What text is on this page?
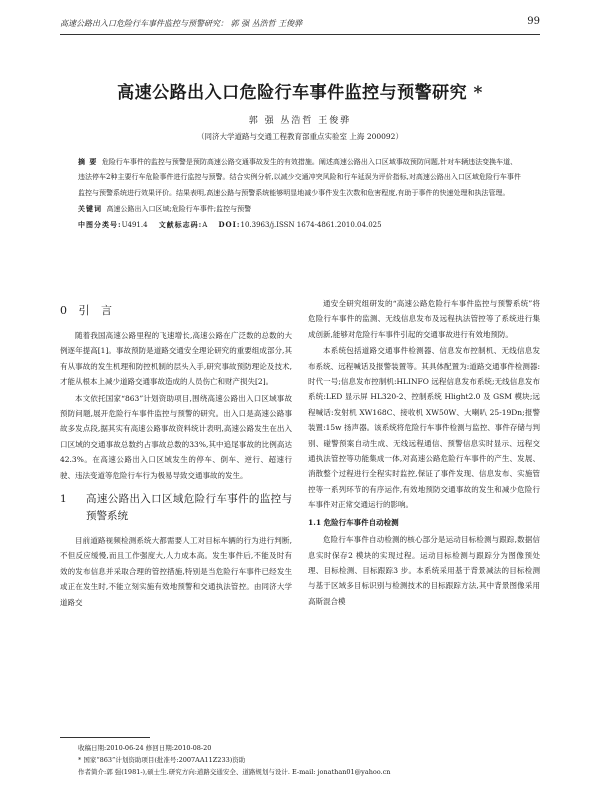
高速公路出入口危险行车事件监控与预警研究： 郭 强 丛浩哲 王俊骅	99
高速公路出入口危险行车事件监控与预警研究 *
郭 强 丛浩哲 王俊骅
（同济大学道路与交通工程教育部重点实验室 上海 200092）

摘 要 危险行车事件的监控与预警是预防高速公路交通事故发生的有效措施。阐述高速公路出入口区域事故预防问题,针对车辆违法变换车道、违法停车2种主要行车危险事件进行监控与预警。结合实例分析,以减少交通冲突风险和行车延误为评价指标,对高速公路出入口区域危险行车事件监控与预警系统进行效果评价。结果表明,高速公路与预警系统能够明显地减少事件发生次数和危害程度,有助于事件的快速处理和执法管理。

关键词 高速公路出入口区域;危险行车事件;监控与预警

中图分类号:U491.4 文献标志码:A DOI:10.3963/j.ISSN 1674-4861.2010.04.025

0 引 言

随着我国高速公路里程的飞速增长,高速公路在广泛数的总数的大例逐年提高[1]。事故预防是道路交通安全理论研究的重要组成部分,其有从事故的发生机理和防控机制的层头入手,研究事故预防理论及技术,才能从根本上减少道路交通事故造成的人员伤亡和财产损失[2]。

本文依托国家“863”计划资助项目,围绕高速公路出入口区域事故预防问题,展开危险行车事件监控与预警的研究。出入口是高速公路事故多发点段,据其实有高速公路事故资料统计表明,高速公路发生在出入口区域的交通事故总数约占事故总数的33%,其中追尾事故的比例高达42.3%。在高速公路出入口区域发生的停车、倒车、逆行、超速行驶、违法变道等危险行车行为极易导致交通事故的发生。

1	高速公路出入口区域危险行车事件的监控与预警系统

目前道路视频检测系统大都需要人工对目标车辆的行为进行判断,不但反应缓慢,而且工作强度大,人力成本高。发生事件后,不能及时有效的发布信息并采取合理的管控措施,特别是当危险行车事件已经发生或正在发生时,不能立刻实施有效地预警和交通执法管控。由同济大学道路交

通安全研究组研发的“高速公路危险行车事件监控与预警系统”将危险行车事件的监测、无线信息发布及远程执法管控等了系统进行集成创新,能够对危险行车事件引起的交通事故进行有效地预防。

本系统包括道路交通事件检测器、信息发布控制机、无线信息发布系统、远程喊话及报警装置等。其具体配置为:道路交通事件检测器:时代一号;信息发布控制机:HLINFO 远程信息发布系统;无线信息发布系统:LED 显示屏 HL320-2、控制系统 Hlight2.0 及 GSM 模块;远程喊话:发射机 XW168C、接收机 XW50W、大喇叭 25-19Dn;报警装置:15w 扬声器。该系统将危险行车事件检测与监控、事件存储与判别、碰警预案自动生成、无线远程通信、预警信息实时显示、远程交通执法管控等功能集成一体,对高速公路危险行车事件的产生、发展、消散整个过程进行全程实时监控,保证了事件发现、信息发布、实施管控等一系列环节的有序运作,有效地预防交通事故的发生和减少危险行车事件对正常交通运行的影响。

1.1 危险行车事件自动检测

危险行车事件自动检测的核心部分是运动目标检测与跟踪,数据信息实时保存2 模块的实现过程。运动目标检测与跟踪分为图像预处理、目标检测、目标跟踪3 步。本系统采用基于背景减法的目标检测与基于区域多目标识别与检测技术的目标跟踪方法,其中背景图像采用高斯混合模

收稿日期:2010-06-24 修回日期:2010-08-20

* 国家“863”计划资助项目(批准号:2007AA11Z233)资助

作者简介:郭 强(1981-),硕士生.研究方向:道路交通安全、道路规划与设计. E-mail: jonathan01@yahoo.cn
